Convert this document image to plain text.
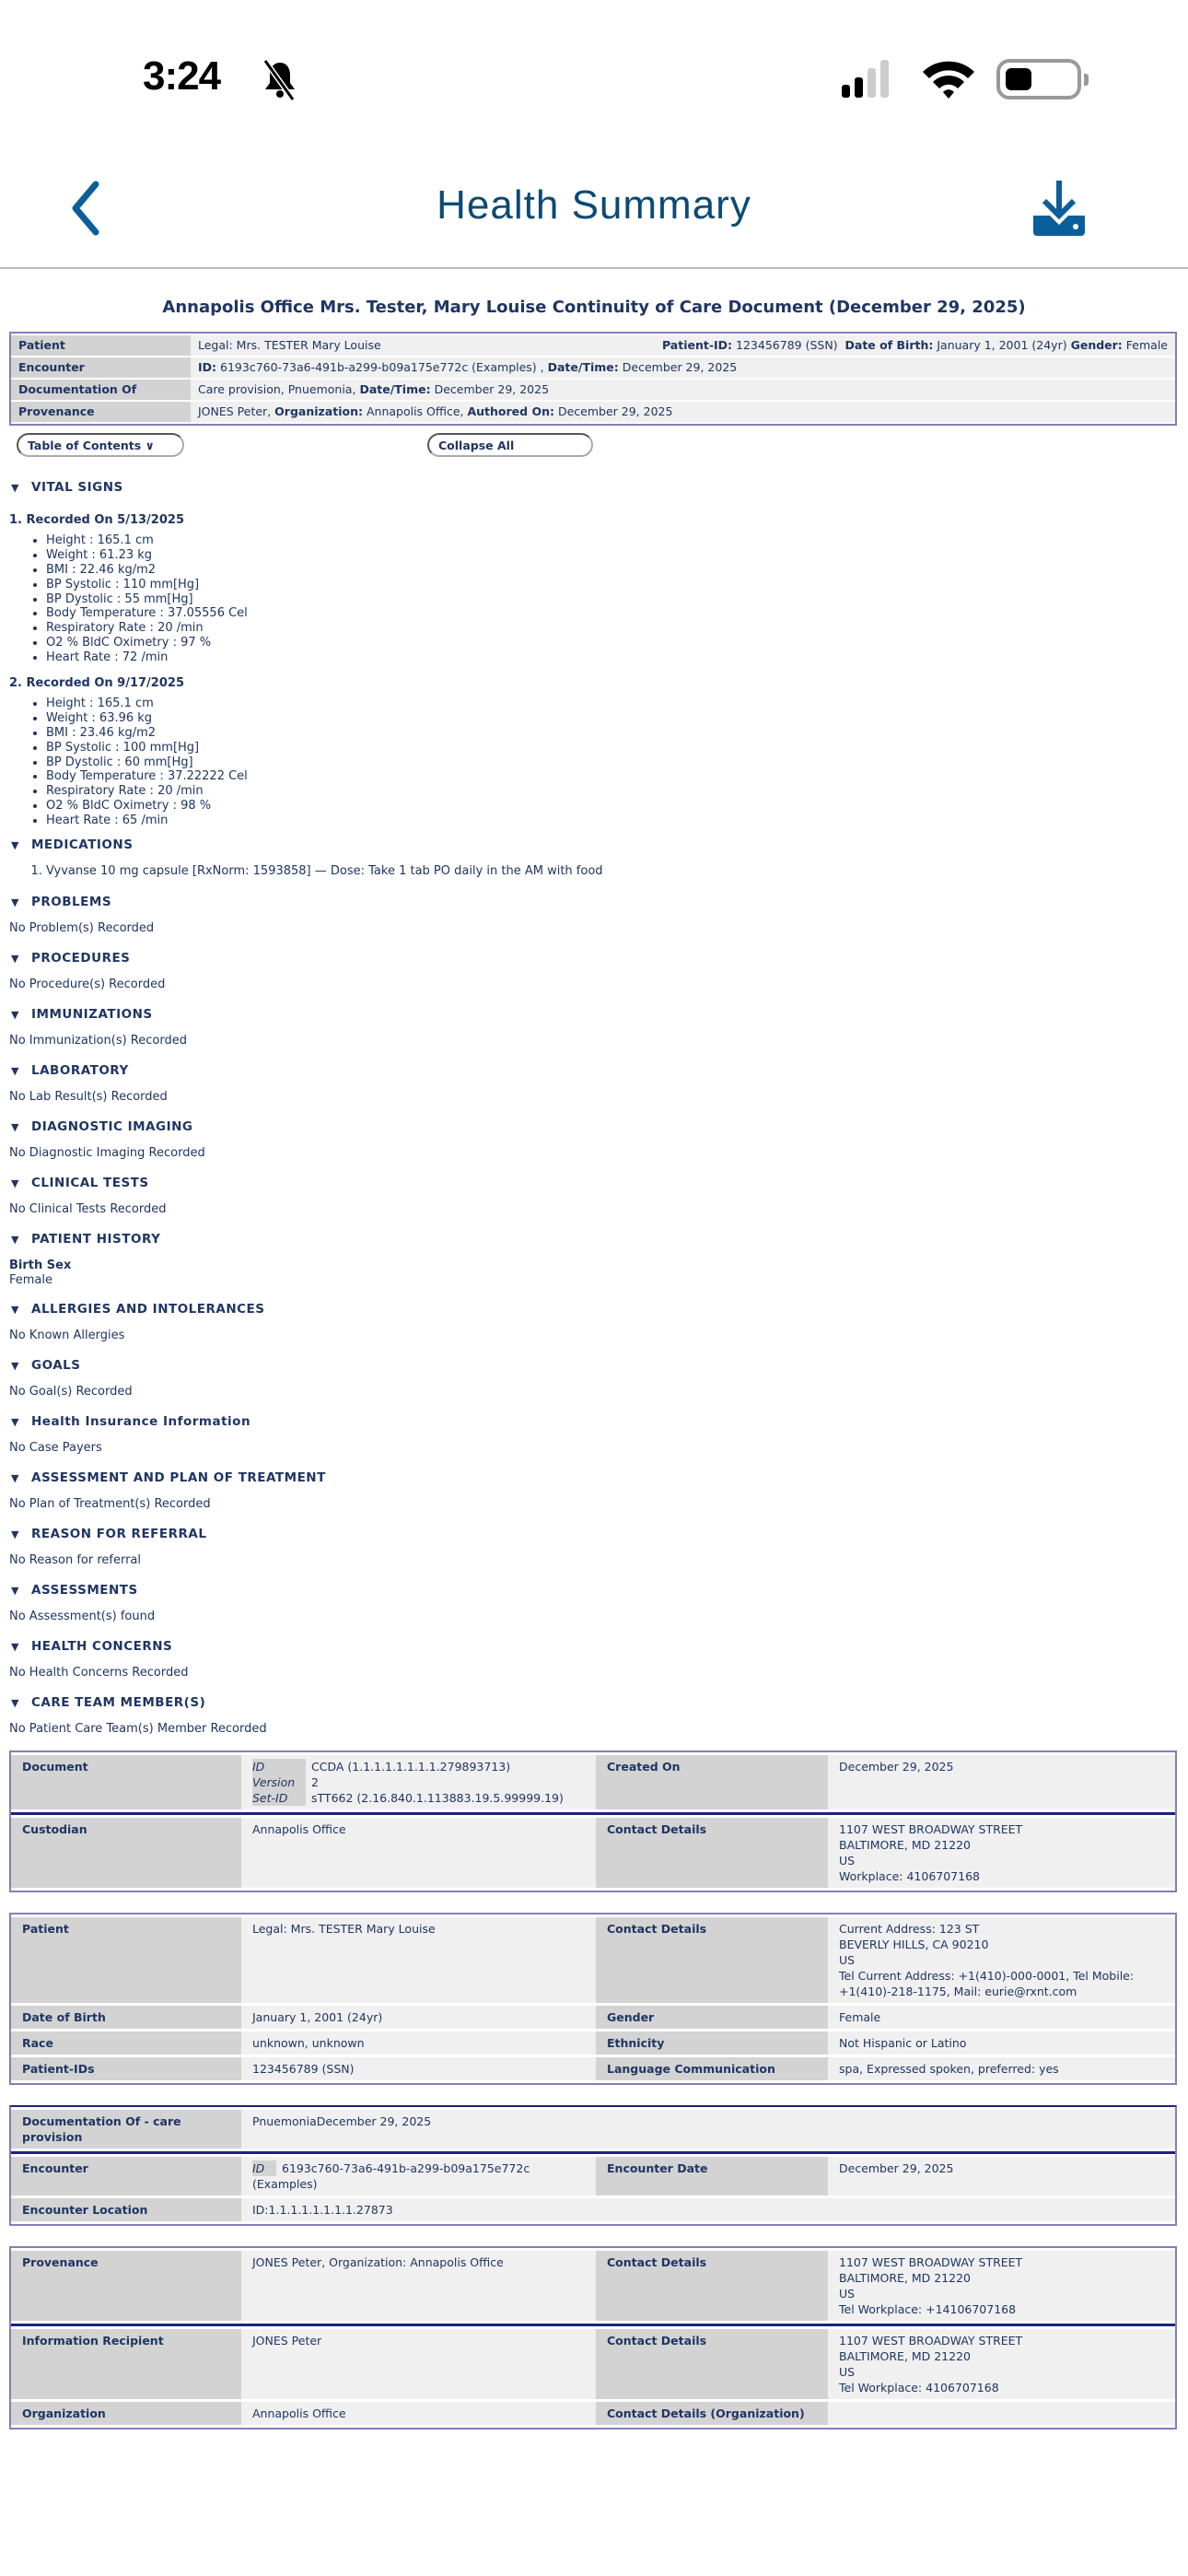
3:24
Health Summary
Annapolis Office Mrs. Tester, Mary Louise Continuity of Care Document (December 29, 2025)
Patient	Legal: Mrs. TESTER Mary Louise Patient-ID: 123456789 (SSN) Date of Birth: January 1, 2001 (24yr) Gender: Female

Encounter	ID: 6193c760-73a6-491b-a299-b09a175e772c (Examples) , Date/Time: December 29, 2025
Documentation Of	Care provision, Pnuemonia, Date/Time: December 29, 2025
Provenance	JONES Peter, Organization: Annapolis Office, Authored On: December 29, 2025
Table of Contents ∨	Collapse All
▼ VITAL SIGNS
1. Recorded On 5/13/2025
• Height : 165.1 cm
• Weight : 61.23 kg
• BMI : 22.46 kg/m2
• BP Systolic : 110 mm[Hg]
• BP Dystolic : 55 mm[Hg]
• Body Temperature : 37.05556 Cel
• Respiratory Rate : 20 /min
• O2 % BldC Oximetry : 97 %
• Heart Rate : 72 /min
2. Recorded On 9/17/2025
• Height : 165.1 cm
• Weight : 63.96 kg
• BMI : 23.46 kg/m2
• BP Systolic : 100 mm[Hg]
• BP Dystolic : 60 mm[Hg]
• Body Temperature : 37.22222 Cel
• Respiratory Rate : 20 /min
• O2 % BldC Oximetry : 98 %
• Heart Rate : 65 /min
▼ MEDICATIONS
1. Vyvanse 10 mg capsule [RxNorm: 1593858] — Dose: Take 1 tab PO daily in the AM with food
▼ PROBLEMS
No Problem(s) Recorded
▼ PROCEDURES
No Procedure(s) Recorded
▼ IMMUNIZATIONS
No Immunization(s) Recorded
▼ LABORATORY
No Lab Result(s) Recorded
▼ DIAGNOSTIC IMAGING
No Diagnostic Imaging Recorded
▼ CLINICAL TESTS
No Clinical Tests Recorded
▼ PATIENT HISTORY
Birth Sex
Female
▼ ALLERGIES AND INTOLERANCES
No Known Allergies
▼ GOALS
No Goal(s) Recorded
▼ Health Insurance Information
No Case Payers
▼ ASSESSMENT AND PLAN OF TREATMENT
No Plan of Treatment(s) Recorded
▼ REASON FOR REFERRAL
No Reason for referral
▼ ASSESSMENTS
No Assessment(s) found
▼ HEALTH CONCERNS
No Health Concerns Recorded
▼ CARE TEAM MEMBER(S)
No Patient Care Team(s) Member Recorded
Document	ID CCDA (1.1.1.1.1.1.1.1.279893713)
Version 2
Set-ID sTT662 (2.16.840.1.113883.19.5.99999.19)	Created On	December 29, 2025

Custodian	Annapolis Office	Contact Details	1107 WEST BROADWAY STREET
BALTIMORE, MD 21220
US
Workplace: 4106707168
Patient	Legal: Mrs. TESTER Mary Louise	Contact Details	Current Address: 123 ST
BEVERLY HILLS, CA 90210
US
Tel Current Address: +1(410)-000-0001, Tel Mobile: +1(410)-218-1175, Mail: eurie@rxnt.com

Date of Birth	January 1, 2001 (24yr)	Gender	Female
Race	unknown, unknown	Ethnicity	Not Hispanic or Latino
Patient-IDs	123456789 (SSN)	Language Communication	spa, Expressed spoken, preferred: yes
Documentation Of - care provision	PnuemoniaDecember 29, 2025		

Encounter	ID 6193c760-73a6-491b-a299-b09a175e772c (Examples)	Encounter Date	December 29, 2025
Encounter Location	ID:1.1.1.1.1.1.1.1.27873		
Provenance	JONES Peter, Organization: Annapolis Office	Contact Details	1107 WEST BROADWAY STREET
BALTIMORE, MD 21220
US
Tel Workplace: +14106707168

Information Recipient	JONES Peter	Contact Details	1107 WEST BROADWAY STREET
BALTIMORE, MD 21220
US
Tel Workplace: 4106707168

Organization	Annapolis Office	Contact Details (Organization)	
